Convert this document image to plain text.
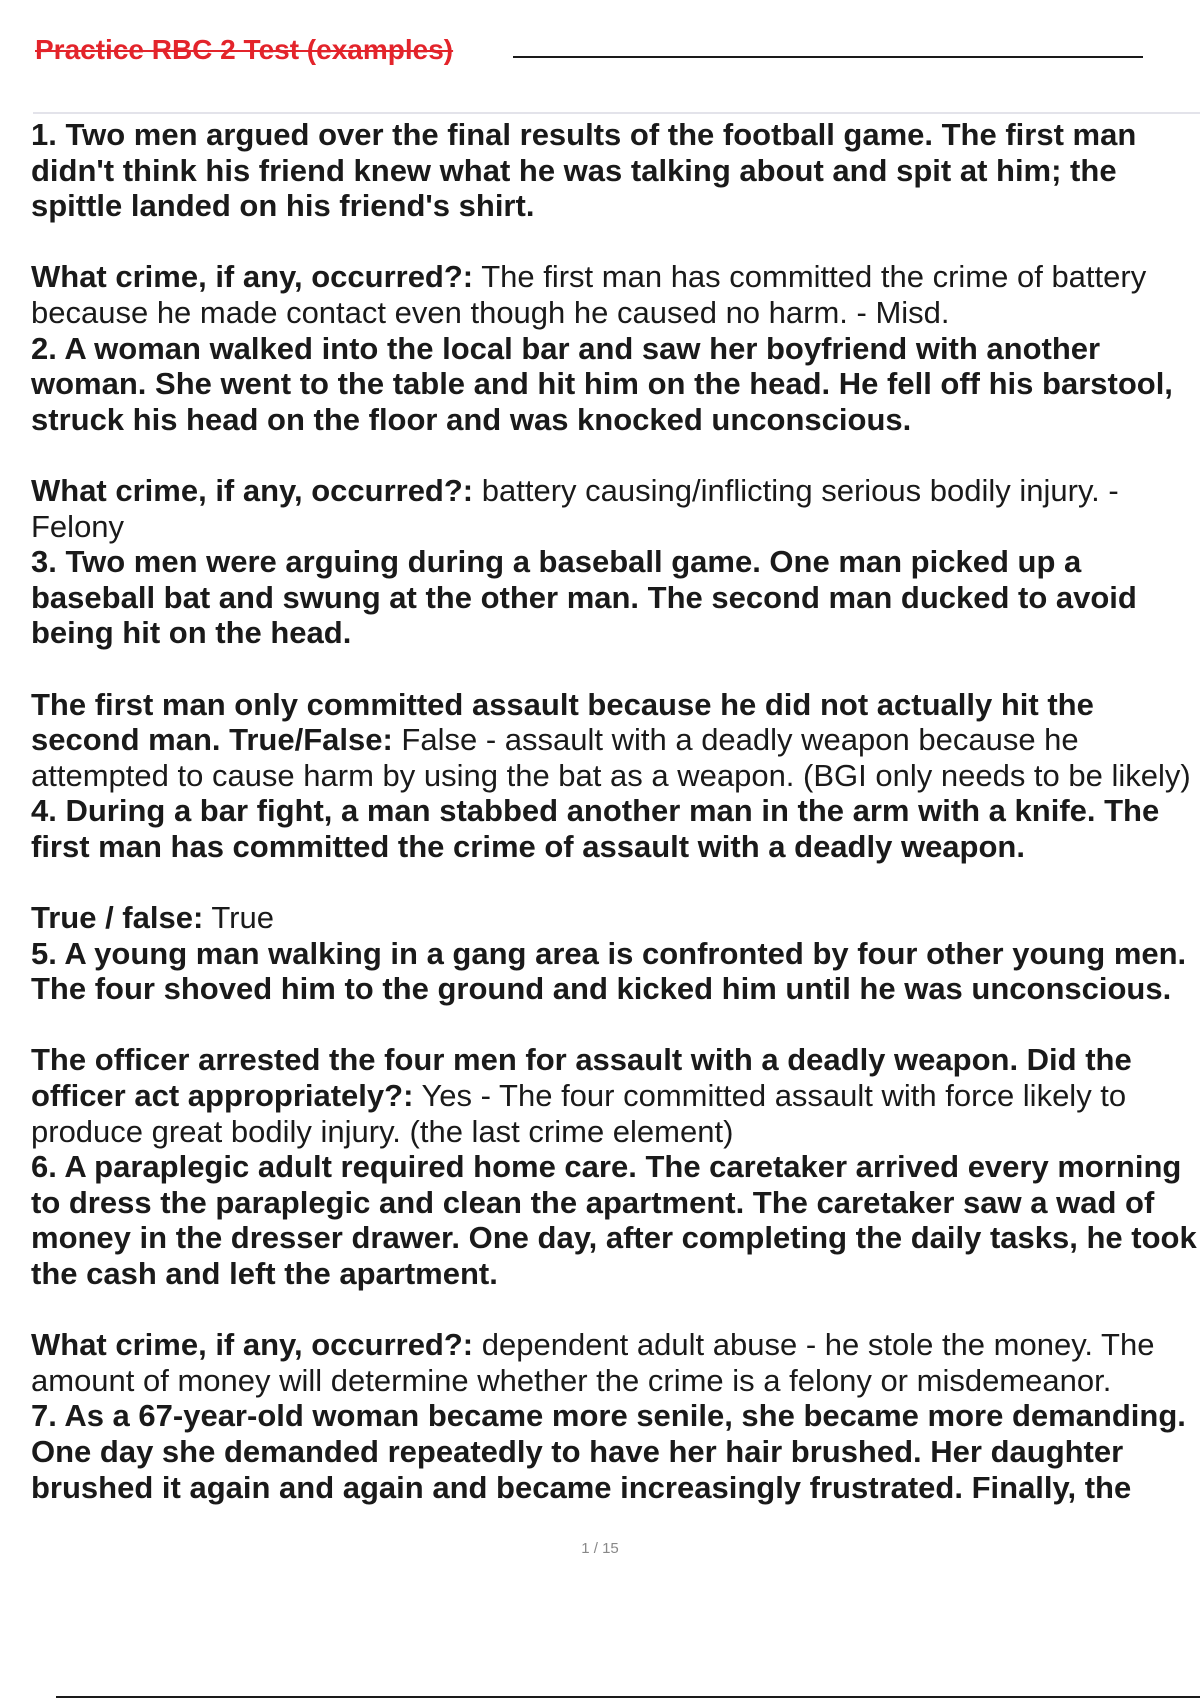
Practice RBC 2 Test (examples)

1. Two men argued over the final results of the football game. The first man didn't think his friend knew what he was talking about and spit at him; the spittle landed on his friend's shirt.

What crime, if any, occurred?: The first man has committed the crime of battery because he made contact even though he caused no harm. - Misd.

2. A woman walked into the local bar and saw her boyfriend with another woman. She went to the table and hit him on the head. He fell off his barstool, struck his head on the floor and was knocked unconscious.

What crime, if any, occurred?: battery causing/inflicting serious bodily injury. - Felony

3. Two men were arguing during a baseball game. One man picked up a baseball bat and swung at the other man. The second man ducked to avoid being hit on the head.

The first man only committed assault because he did not actually hit the second man. True/False: False - assault with a deadly weapon because he attempted to cause harm by using the bat as a weapon. (BGI only needs to be likely)

4. During a bar fight, a man stabbed another man in the arm with a knife. The first man has committed the crime of assault with a deadly weapon.

True / false: True

5. A young man walking in a gang area is confronted by four other young men. The four shoved him to the ground and kicked him until he was unconscious.

The officer arrested the four men for assault with a deadly weapon. Did the officer act appropriately?: Yes - The four committed assault with force likely to produce great bodily injury. (the last crime element)

6. A paraplegic adult required home care. The caretaker arrived every morning to dress the paraplegic and clean the apartment. The caretaker saw a wad of money in the dresser drawer. One day, after completing the daily tasks, he took the cash and left the apartment.

What crime, if any, occurred?: dependent adult abuse - he stole the money. The amount of money will determine whether the crime is a felony or misdemeanor.

7. As a 67-year-old woman became more senile, she became more demanding. One day she demanded repeatedly to have her hair brushed. Her daughter brushed it again and again and became increasingly frustrated. Finally, the

1 / 15
